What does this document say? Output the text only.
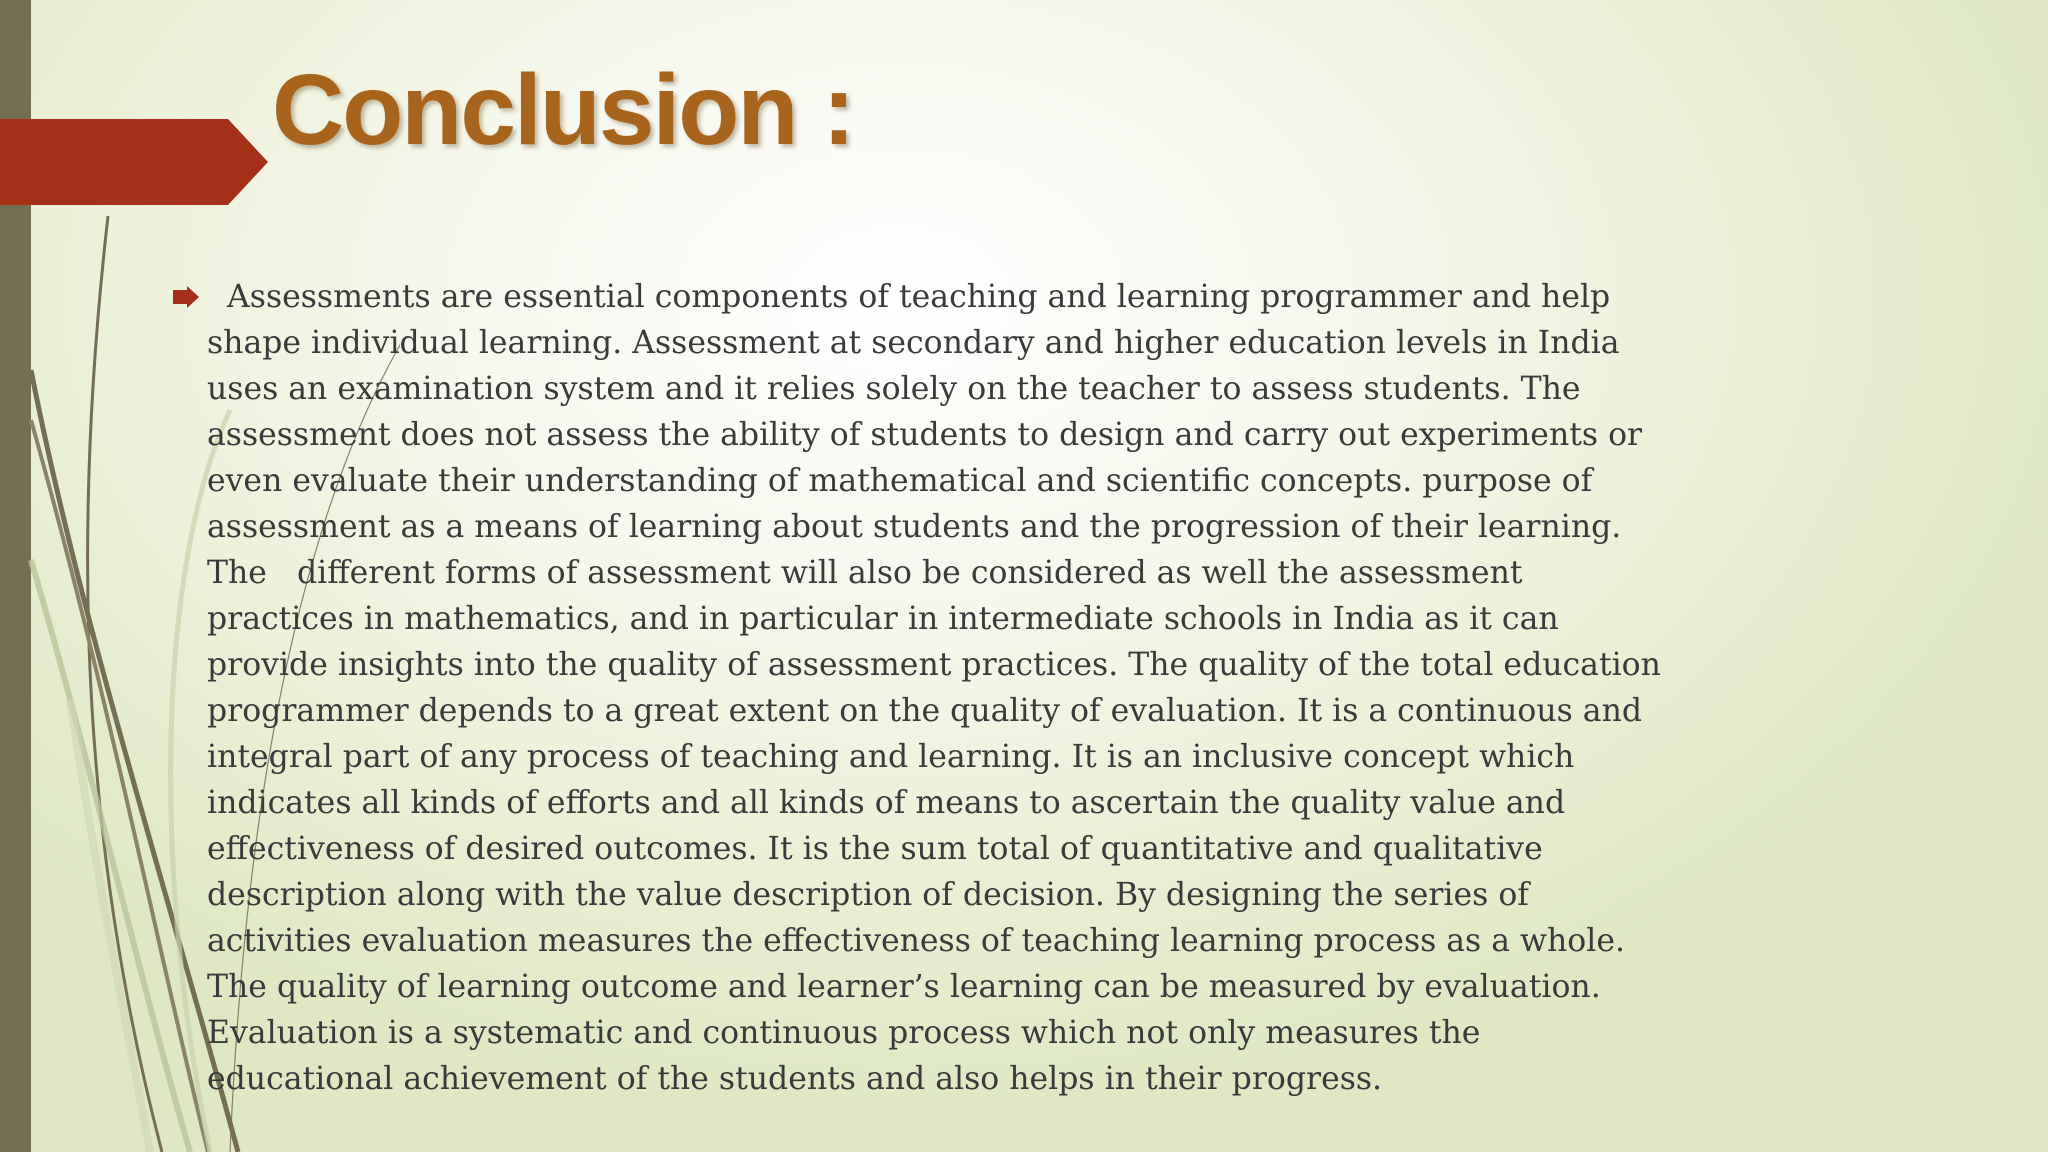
Conclusion :

Assessments are essential components of teaching and learning programmer and help
shape individual learning. Assessment at secondary and higher education levels in India
uses an examination system and it relies solely on the teacher to assess students. The
assessment does not assess the ability of students to design and carry out experiments or
even evaluate their understanding of mathematical and scientific concepts. purpose of
assessment as a means of learning about students and the progression of their learning.
The   different forms of assessment will also be considered as well the assessment
practices in mathematics, and in particular in intermediate schools in India as it can
provide insights into the quality of assessment practices. The quality of the total education
programmer depends to a great extent on the quality of evaluation. It is a continuous and
integral part of any process of teaching and learning. It is an inclusive concept which
indicates all kinds of efforts and all kinds of means to ascertain the quality value and
effectiveness of desired outcomes. It is the sum total of quantitative and qualitative
description along with the value description of decision. By designing the series of
activities evaluation measures the effectiveness of teaching learning process as a whole.
The quality of learning outcome and learner’s learning can be measured by evaluation.
Evaluation is a systematic and continuous process which not only measures the
educational achievement of the students and also helps in their progress.
